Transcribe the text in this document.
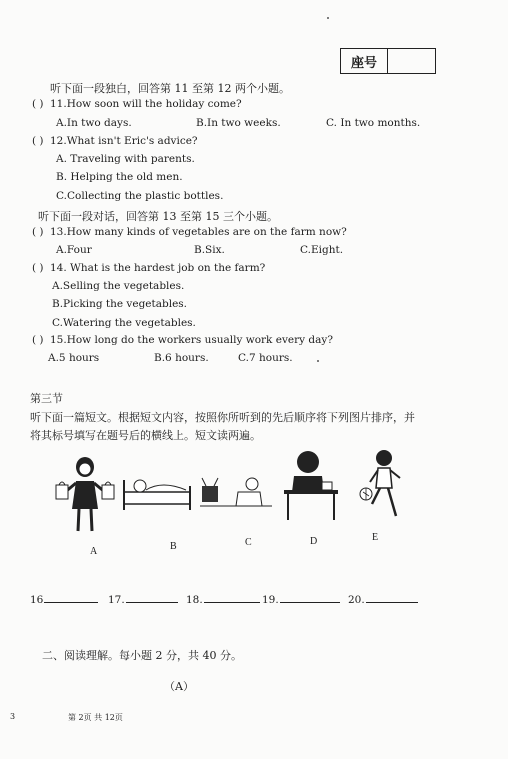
座号
听下面一段独白，回答第 11 至第 12 两个小题。
( ) 11.How soon will the holiday come?
A.In two days.	B.In two weeks.	C. In two months.
( ) 12.What isn't Eric's advice?
A. Traveling with parents.
B. Helping the old men.
C.Collecting the plastic bottles.
听下面一段对话，回答第 13 至第 15 三个小题。
( ) 13.How many kinds of vegetables are on the farm now?
A.Four	B.Six.	C.Eight.
( ) 14. What is the hardest job on the farm?
A.Selling the vegetables.
B.Picking the vegetables.
C.Watering the vegetables.
( ) 15.How long do the workers usually work every day?
A.5 hours	B.6 hours.	C.7 hours.
第三节
听下面一篇短文。根据短文内容，按照你所听到的先后顺序将下列图片排序，并
将其标号填写在题号后的横线上。短文读两遍。
A	B	C	D	E
16	17.	18.	19.	20.
二、阅读理解。每小题 2 分，共 40 分。
（A）
3	第 2页 共 12页
